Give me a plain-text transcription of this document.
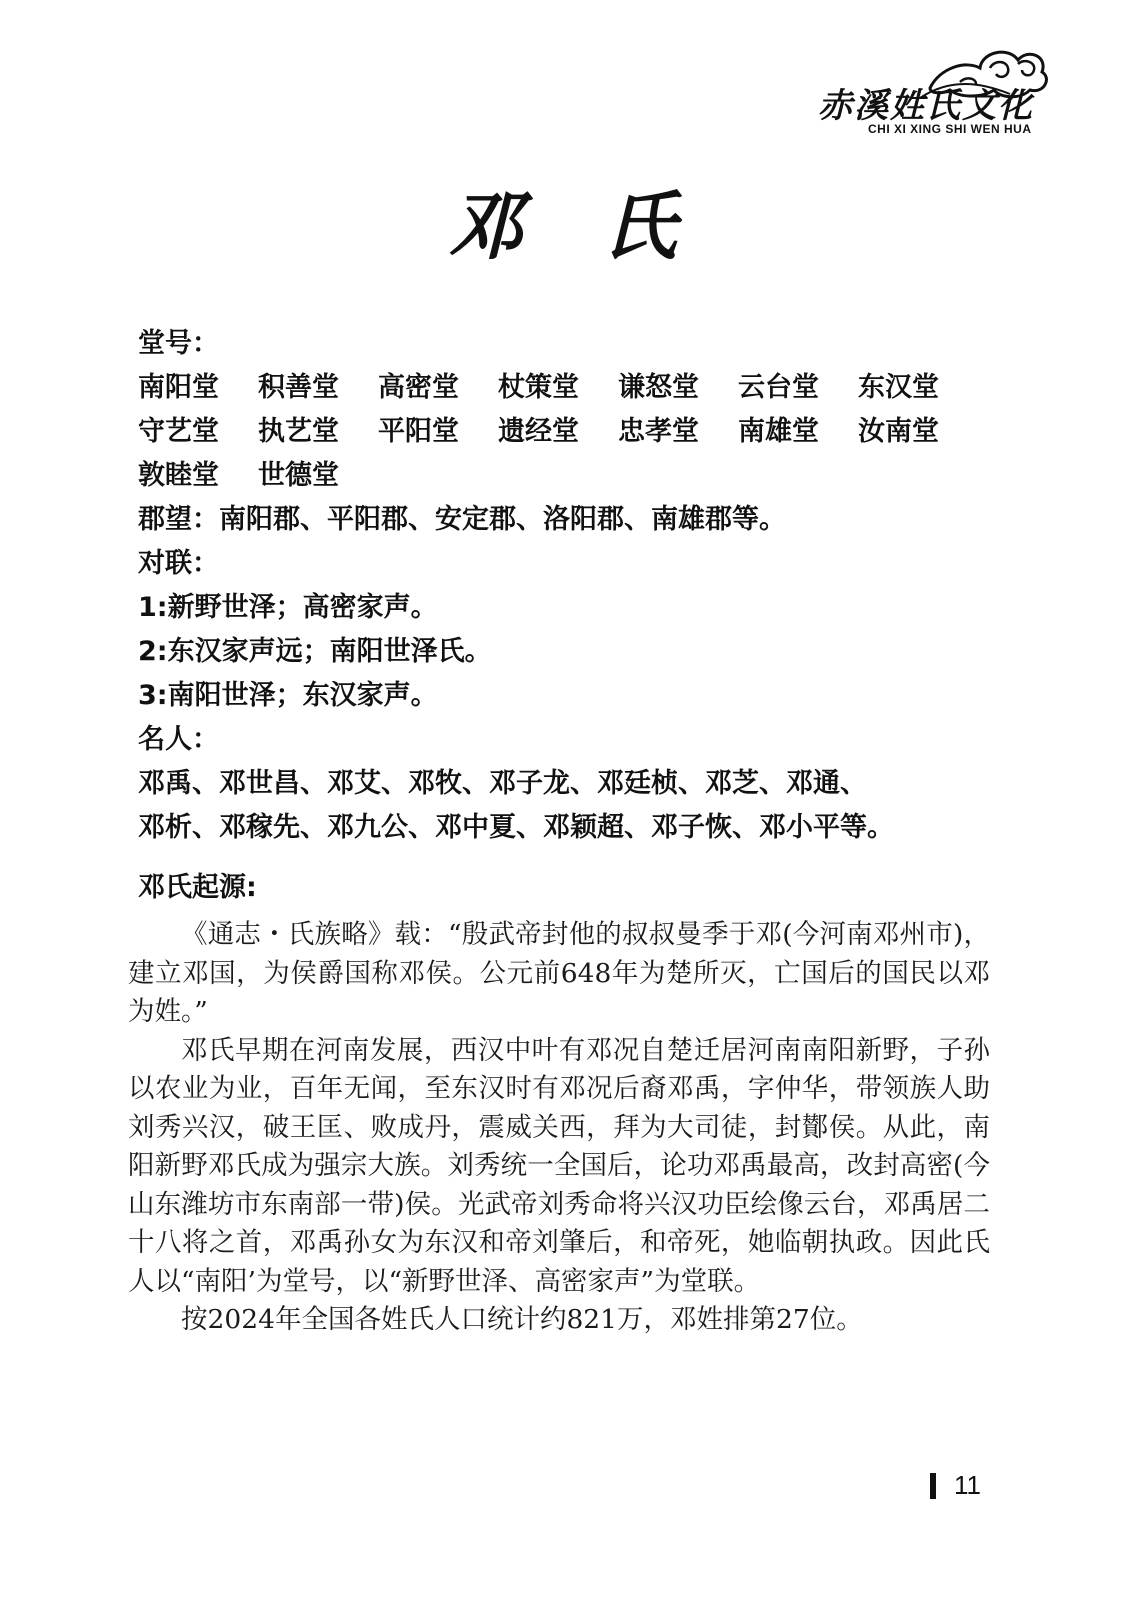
赤溪姓氏文化
CHI XI XING SHI WEN HUA
邓氏
堂号：
南阳堂	积善堂	高密堂	杖策堂	谦怒堂	云台堂	东汉堂
守艺堂	执艺堂	平阳堂	遗经堂	忠孝堂	南雄堂	汝南堂
敦睦堂	世德堂
郡望：南阳郡、平阳郡、安定郡、洛阳郡、南雄郡等。
对联：
1:新野世泽；高密家声。
2:东汉家声远；南阳世泽氏。
3:南阳世泽；东汉家声。
名人：
邓禹、邓世昌、邓艾、邓牧、邓子龙、邓廷桢、邓芝、邓通、
邓析、邓稼先、邓九公、邓中夏、邓颖超、邓子恢、邓小平等。
邓氏起源:

《通志・氏族略》载：“殷武帝封他的叔叔曼季于邓(今河南邓州市)，建立邓国，为侯爵国称邓侯。公元前648年为楚所灭，亡国后的国民以邓为姓。”

邓氏早期在河南发展，西汉中叶有邓况自楚迁居河南南阳新野，子孙以农业为业，百年无闻，至东汉时有邓况后裔邓禹，字仲华，带领族人助刘秀兴汉，破王匡、败成丹，震威关西，拜为大司徒，封鄼侯。从此，南阳新野邓氏成为强宗大族。刘秀统一全国后，论功邓禹最高，改封高密(今山东潍坊市东南部一带)侯。光武帝刘秀命将兴汉功臣绘像云台，邓禹居二十八将之首，邓禹孙女为东汉和帝刘肇后，和帝死，她临朝执政。因此氏人以“南阳’为堂号，以“新野世泽、高密家声”为堂联。

按2024年全国各姓氏人口统计约821万，邓姓排第27位。

11
